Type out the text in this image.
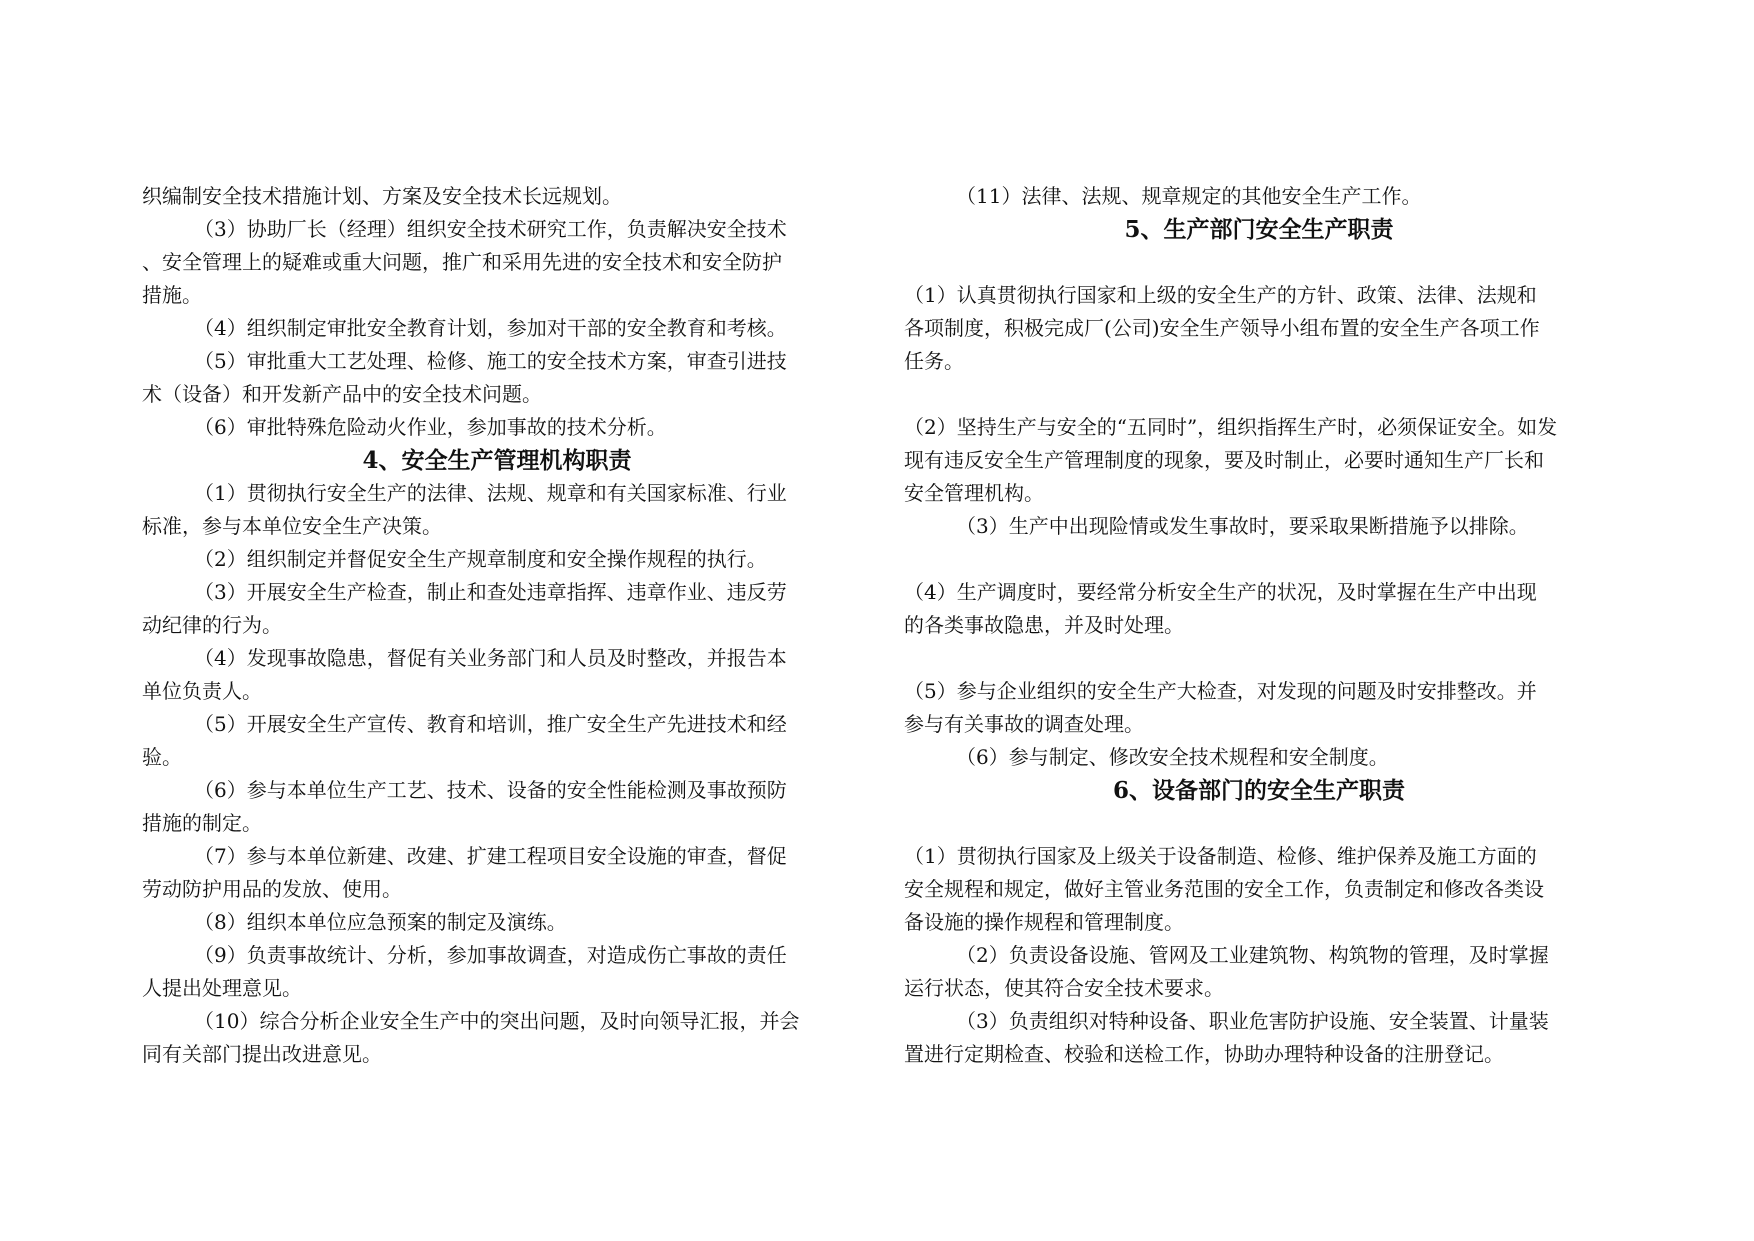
织编制安全技术措施计划、方案及安全技术长远规划。
（3）协助厂长（经理）组织安全技术研究工作，负责解决安全技术
、安全管理上的疑难或重大问题，推广和采用先进的安全技术和安全防护
措施。
（4）组织制定审批安全教育计划，参加对干部的安全教育和考核。
（5）审批重大工艺处理、检修、施工的安全技术方案，审查引进技
术（设备）和开发新产品中的安全技术问题。
（6）审批特殊危险动火作业，参加事故的技术分析。
4、安全生产管理机构职责
（1）贯彻执行安全生产的法律、法规、规章和有关国家标准、行业
标准，参与本单位安全生产决策。
（2）组织制定并督促安全生产规章制度和安全操作规程的执行。
（3）开展安全生产检查，制止和查处违章指挥、违章作业、违反劳
动纪律的行为。
（4）发现事故隐患，督促有关业务部门和人员及时整改，并报告本
单位负责人。
（5）开展安全生产宣传、教育和培训，推广安全生产先进技术和经
验。
（6）参与本单位生产工艺、技术、设备的安全性能检测及事故预防
措施的制定。
（7）参与本单位新建、改建、扩建工程项目安全设施的审查，督促
劳动防护用品的发放、使用。
（8）组织本单位应急预案的制定及演练。
（9）负责事故统计、分析，参加事故调查，对造成伤亡事故的责任
人提出处理意见。
（10）综合分析企业安全生产中的突出问题，及时向领导汇报，并会
同有关部门提出改进意见。
（11）法律、法规、规章规定的其他安全生产工作。
5、生产部门安全生产职责
（1）认真贯彻执行国家和上级的安全生产的方针、政策、法律、法规和
各项制度，积极完成厂(公司)安全生产领导小组布置的安全生产各项工作
任务。
（2）坚持生产与安全的“五同时”，组织指挥生产时，必须保证安全。如发
现有违反安全生产管理制度的现象，要及时制止，必要时通知生产厂长和
安全管理机构。
（3）生产中出现险情或发生事故时，要采取果断措施予以排除。
（4）生产调度时，要经常分析安全生产的状况，及时掌握在生产中出现
的各类事故隐患，并及时处理。
（5）参与企业组织的安全生产大检查，对发现的问题及时安排整改。并
参与有关事故的调查处理。
（6）参与制定、修改安全技术规程和安全制度。
6、设备部门的安全生产职责
（1）贯彻执行国家及上级关于设备制造、检修、维护保养及施工方面的
安全规程和规定，做好主管业务范围的安全工作，负责制定和修改各类设
备设施的操作规程和管理制度。
（2）负责设备设施、管网及工业建筑物、构筑物的管理，及时掌握
运行状态，使其符合安全技术要求。
（3）负责组织对特种设备、职业危害防护设施、安全装置、计量装
置进行定期检查、校验和送检工作，协助办理特种设备的注册登记。
